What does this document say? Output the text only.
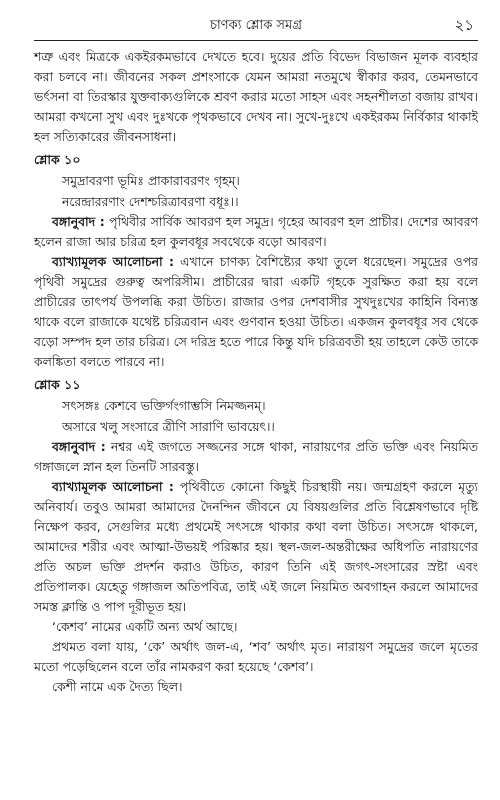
চাণক্য শ্লোক সমগ্র	২১

শত্রু এবং মিত্রকে একইরকমভাবে দেখতে হবে। দুয়ের প্রতি বিভেদ বিভাজন মূলক ব্যবহার করা চলবে না। জীবনের সকল প্রশংসাকে যেমন আমরা নতমুখে স্বীকার করব, তেমনভাবে ভর্ৎসনা বা তিরস্কার যুক্তবাক্যগুলিকে শ্রবণ করার মতো সাহস এবং সহনশীলতা বজায় রাখব। আমরা কখনো সুখ এবং দুঃখকে পৃথকভাবে দেখব না। সুখে-দুঃখে একইরকম নির্বিকার থাকাই হল সত্যিকারের জীবনসাধনা।

শ্লোক ১০
সমুদ্রাবরণা ভূমিঃ প্রাকারাবরণং গৃহম্।
নরেন্দ্রাররণাং দেশশ্চরিত্রাবরণা বধূঃ।।

বঙ্গানুবাদ : পৃথিবীর সার্বিক আবরণ হল সমুদ্র। গৃহের আবরণ হল প্রাচীর। দেশের আবরণ হলেন রাজা আর চরিত্র হল কুলবধূর সবথেকে বড়ো আবরণ।

ব্যাখ্যামূলক আলোচনা : এখানে চাণক্য বৈশিষ্ট্যের কথা তুলে ধরেছেন। সমুদ্রের ওপর পৃথিবী সমুদ্রের গুরুত্ব অপরিসীম। প্রাচীরের দ্বারা একটি গৃহকে সুরক্ষিত করা হয় বলে প্রাচীরের তাৎপর্য উপলব্ধি করা উচিত। রাজার ওপর দেশবাসীর সুখদুঃখের কাহিনি বিন্যস্ত থাকে বলে রাজাকে যথেষ্ট চরিত্রবান এবং গুণবান হওয়া উচিত। একজন কুলবধূর সব থেকে বড়ো সম্পদ হল তার চরিত্র। সে দরিদ্র হতে পারে কিন্তু যদি চরিত্রবতী হয় তাহলে কেউ তাকে কলঙ্কিতা বলতে পারবে না।

শ্লোক ১১
সৎসঙ্গঃ কেশবে ভক্তির্গংগাম্ভসি নিমজ্জনম্।
অসারে খলু সংসারে ত্রীণি সারাণি ভাবয়েৎ।।

বঙ্গানুবাদ : নশ্বর এই জগতে সজ্জনের সঙ্গে থাকা, নারায়ণের প্রতি ভক্তি এবং নিয়মিত গঙ্গাজলে স্নান হল তিনটি সারবস্তু।

ব্যাখ্যামূলক আলোচনা : পৃথিবীতে কোনো কিছুই চিরস্থায়ী নয়। জন্মগ্রহণ করলে মৃত্যু অনিবার্য। তবুও আমরা আমাদের দৈনন্দিন জীবনে যে বিষয়গুলির প্রতি বিশ্লেষণভাবে দৃষ্টি নিক্ষেপ করব, সেগুলির মধ্যে প্রথমেই সৎসঙ্গে থাকার কথা বলা উচিত। সৎসঙ্গে থাকলে, আমাদের শরীর এবং আত্মা-উভয়ই পরিষ্কার হয়। স্থল-জল-অন্তরীক্ষের অধিপতি নারায়ণের প্রতি অচল ভক্তি প্রদর্শন করাও উচিত, কারণ তিনি এই জগৎ-সংসারের স্রষ্টা এবং প্রতিপালক। যেহেতু গঙ্গাজল অতিপবিত্র, তাই এই জলে নিয়মিত অবগাহন করলে আমাদের সমস্ত ক্লান্তি ও পাপ দূরীভূত হয়।

‘কেশব’ নামের একটি অন্য অর্থ আছে।

প্রথমত বলা যায়, ‘কে’ অর্থাৎ জল-এ, ‘শব’ অর্থাৎ মৃত। নারায়ণ সমুদ্রের জলে মৃতের মতো পড়েছিলেন বলে তাঁর নামকরণ করা হয়েছে ‘কেশব’।

কেশী নামে এক দৈত্য ছিল।
